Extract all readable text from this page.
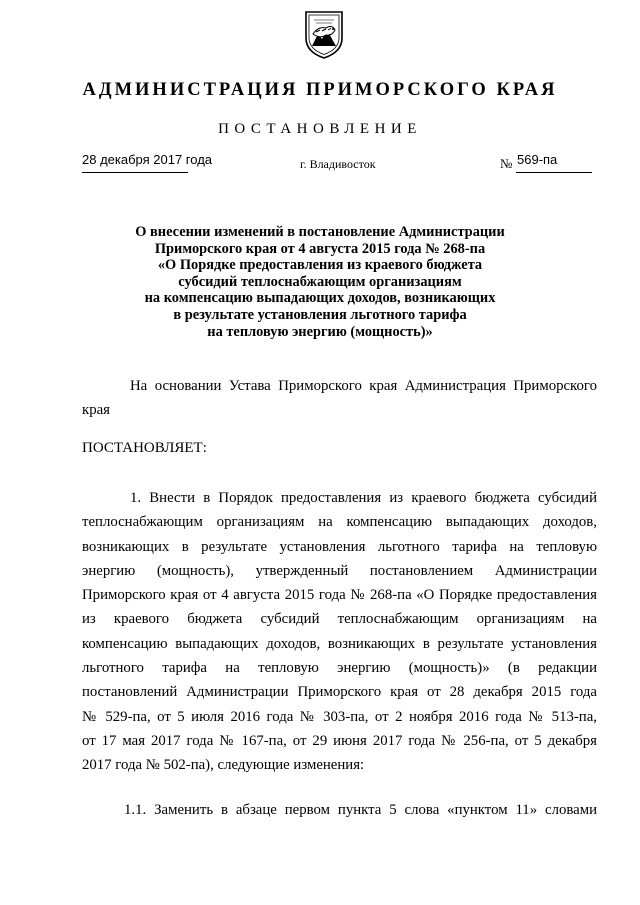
АДМИНИСТРАЦИЯ ПРИМОРСКОГО КРАЯ
ПОСТАНОВЛЕНИЕ
28 декабря 2017 года	г. Владивосток	№ 569-па
О внесении изменений в постановление Администрации
Приморского края от 4 августа 2015 года № 268-па
«О Порядке предоставления из краевого бюджета
субсидий теплоснабжающим организациям
на компенсацию выпадающих доходов, возникающих
в результате установления льготного тарифа
на тепловую энергию (мощность)»
На основании Устава Приморского края Администрация Приморского
края
ПОСТАНОВЛЯЕТ:
1. Внести в Порядок предоставления из краевого бюджета субсидий
теплоснабжающим организациям на компенсацию выпадающих доходов,
возникающих в результате установления льготного тарифа на тепловую
энергию (мощность), утвержденный постановлением Администрации
Приморского края от 4 августа 2015 года № 268-па «О Порядке предоставления
из краевого бюджета субсидий теплоснабжающим организациям на
компенсацию выпадающих доходов, возникающих в результате установления
льготного тарифа на тепловую энергию (мощность)» (в редакции
постановлений Администрации Приморского края от 28 декабря 2015 года
№ 529-па, от 5 июля 2016 года № 303-па, от 2 ноября 2016 года № 513-па,
от 17 мая 2017 года № 167-па, от 29 июня 2017 года № 256-па, от 5 декабря
2017 года № 502-па), следующие изменения:
1.1. Заменить в абзаце первом пункта 5 слова «пунктом 11» словами
